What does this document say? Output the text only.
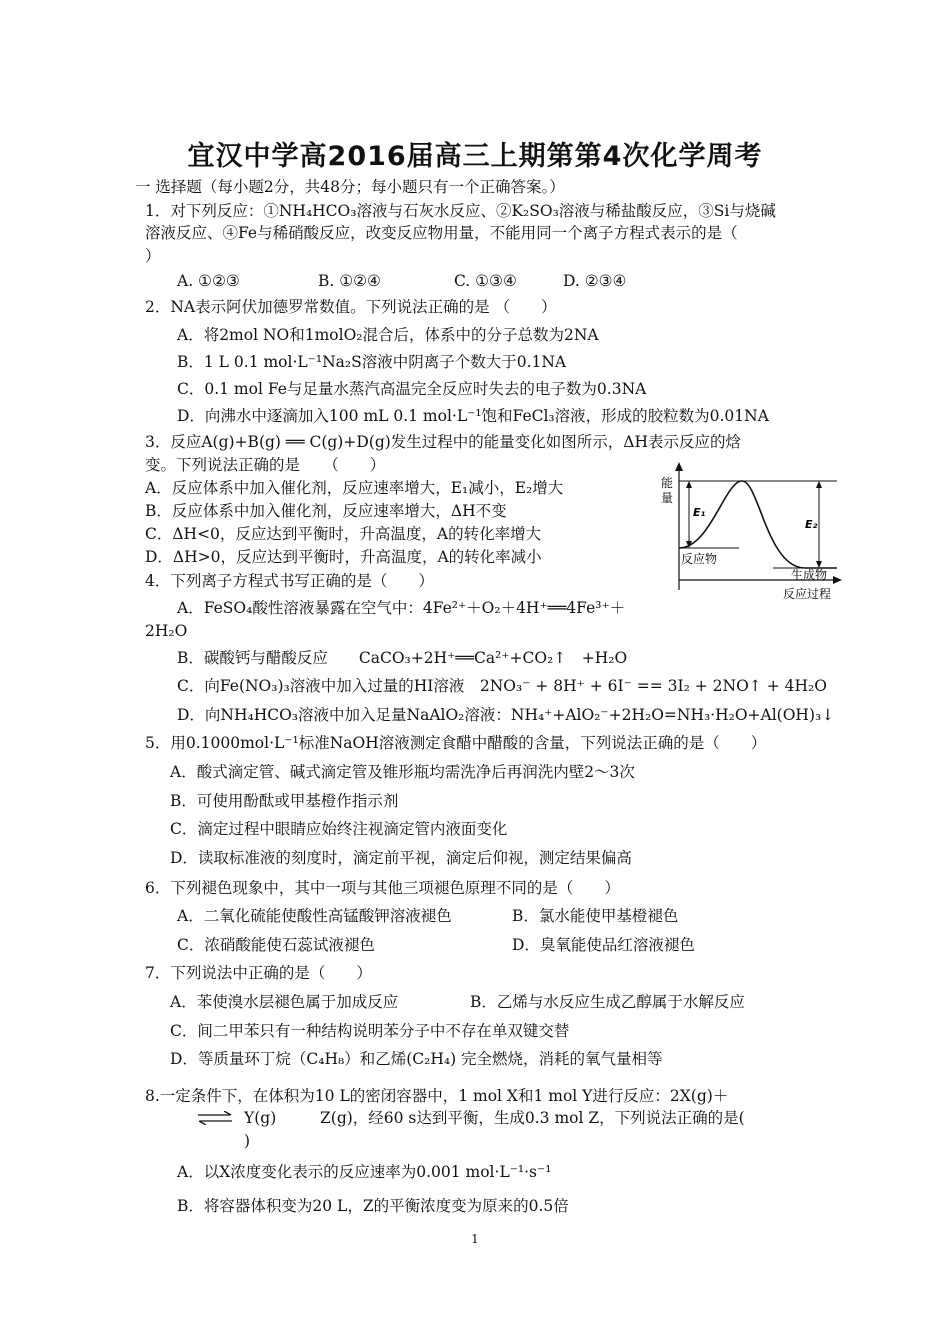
宜汉中学高2016届高三上期第第4次化学周考
一 选择题（每小题2分，共48分；每小题只有一个正确答案。）
1．对下列反应：①NH₄HCO₃溶液与石灰水反应、②K₂SO₃溶液与稀盐酸反应，③Si与烧碱
溶液反应、④Fe与稀硝酸反应，改变反应物用量，不能用同一个离子方程式表示的是（
）
A. ①②③	B. ①②④	C. ①③④	D. ②③④
2．NA表示阿伏加德罗常数值。下列说法正确的是 （　　）
A．将2mol NO和1molO₂混合后，体系中的分子总数为2NA
B．1 L 0.1 mol·L⁻¹Na₂S溶液中阴离子个数大于0.1NA
C．0.1 mol Fe与足量水蒸汽高温完全反应时失去的电子数为0.3NA
D．向沸水中逐滴加入100 mL 0.1 mol·L⁻¹饱和FeCl₃溶液，形成的胶粒数为0.01NA
3．反应A(g)+B(g) ══ C(g)+D(g)发生过程中的能量变化如图所示，ΔH表示反应的焓
变。下列说法正确的是　　（　　）
A．反应体系中加入催化剂，反应速率增大，E₁减小，E₂增大
B．反应体系中加入催化剂，反应速率增大，ΔH不变
C．ΔH<0，反应达到平衡时，升高温度，A的转化率增大
D．ΔH>0，反应达到平衡时，升高温度，A的转化率减小
能
量
E₁
E₂
反应物
生成物
反应过程
4．下列离子方程式书写正确的是（　　）
A．FeSO₄酸性溶液暴露在空气中：4Fe²⁺＋O₂＋4H⁺══4Fe³⁺＋
2H₂O
B．碳酸钙与醋酸反应　　CaCO₃+2H⁺══Ca²⁺+CO₂↑　+H₂O
C．向Fe(NO₃)₃溶液中加入过量的HI溶液　2NO₃⁻ + 8H⁺ + 6I⁻ == 3I₂ + 2NO↑ + 4H₂O
D．向NH₄HCO₃溶液中加入足量NaAlO₂溶液：NH₄⁺+AlO₂⁻+2H₂O=NH₃·H₂O+Al(OH)₃↓
5．用0.1000mol·L⁻¹标准NaOH溶液测定食醋中醋酸的含量，下列说法正确的是（　　）
A．酸式滴定管、碱式滴定管及锥形瓶均需洗净后再润洗内壁2～3次
B．可使用酚酞或甲基橙作指示剂
C．滴定过程中眼睛应始终注视滴定管内液面变化
D．读取标准液的刻度时，滴定前平视，滴定后仰视，测定结果偏高
6．下列褪色现象中，其中一项与其他三项褪色原理不同的是（　　）
A．二氧化硫能使酸性高锰酸钾溶液褪色	B．氯水能使甲基橙褪色
C．浓硝酸能使石蕊试液褪色	D．臭氧能使品红溶液褪色
7．下列说法中正确的是（　　）
A．苯使溴水层褪色属于加成反应	B．乙烯与水反应生成乙醇属于水解反应
C．间二甲苯只有一种结构说明苯分子中不存在单双键交替
D．等质量环丁烷（C₄H₈）和乙烯(C₂H₄) 完全燃烧，消耗的氧气量相等
8.一定条件下，在体积为10 L的密闭容器中，1 mol X和1 mol Y进行反应：2X(g)＋
⇌ Y(g)	Z(g)，经60 s达到平衡，生成0.3 mol Z，下列说法正确的是(
)
A．以X浓度变化表示的反应速率为0.001 mol·L⁻¹·s⁻¹
B．将容器体积变为20 L，Z的平衡浓度变为原来的0.5倍
1
